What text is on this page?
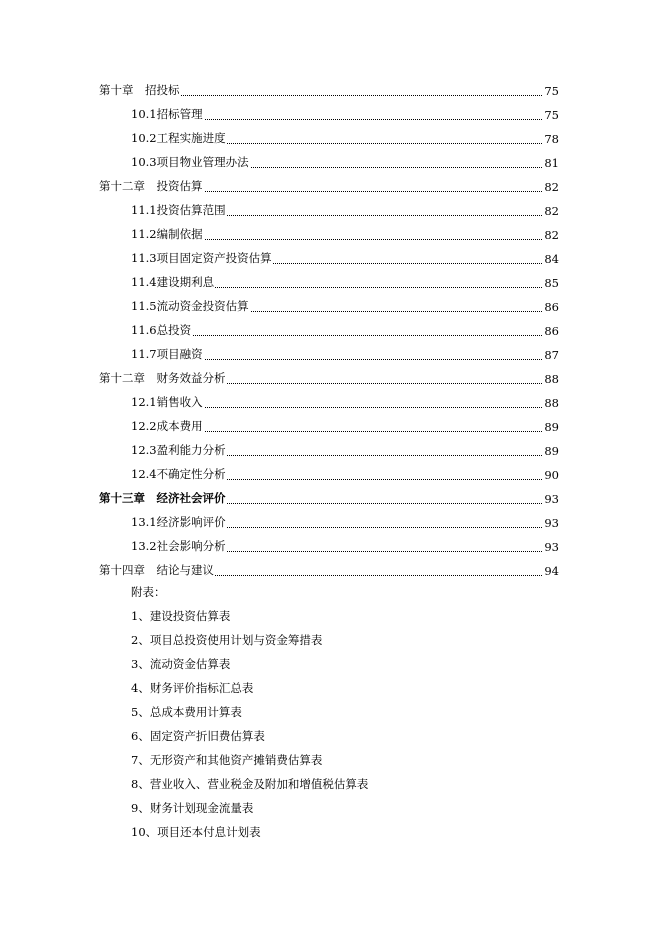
第十章　招投标	75
10.1招标管理	75
10.2工程实施进度	78
10.3项目物业管理办法	81
第十二章　投资估算	82
11.1投资估算范围	82
11.2编制依据	82
11.3项目固定资产投资估算	84
11.4建设期利息	85
11.5流动资金投资估算	86
11.6总投资	86
11.7项目融资	87
第十二章　财务效益分析	88
12.1销售收入	88
12.2成本费用	89
12.3盈利能力分析	89
12.4不确定性分析	90
第十三章　经济社会评价	93
13.1经济影响评价	93
13.2社会影响分析	93
第十四章　结论与建议	94
附表：
1、建设投资估算表
2、项目总投资使用计划与资金筹措表
3、流动资金估算表
4、财务评价指标汇总表
5、总成本费用计算表
6、固定资产折旧费估算表
7、无形资产和其他资产摊销费估算表
8、营业收入、营业税金及附加和增值税估算表
9、财务计划现金流量表
10、项目还本付息计划表
